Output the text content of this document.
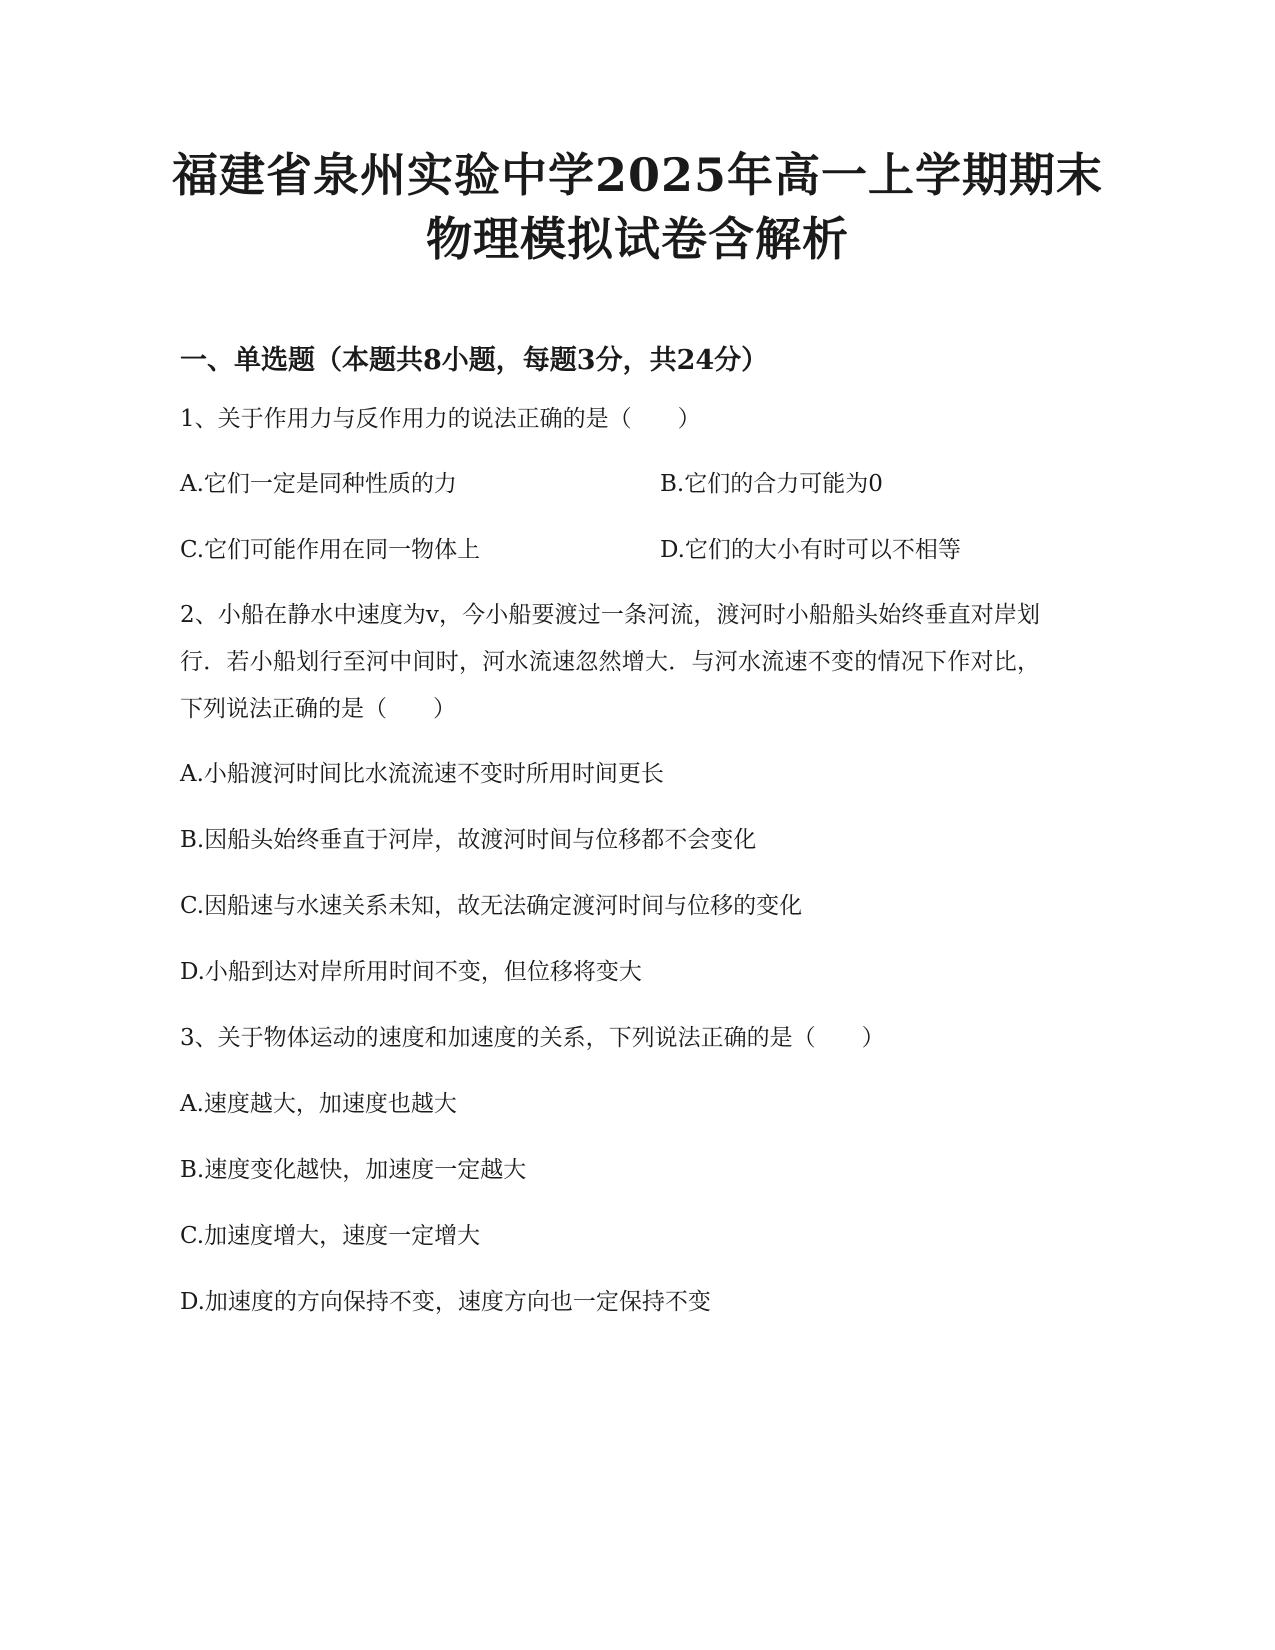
福建省泉州实验中学2025年高一上学期期末
物理模拟试卷含解析
一、单选题（本题共8小题，每题3分，共24分）
1、关于作用力与反作用力的说法正确的是（　　）
A.它们一定是同种性质的力	B.它们的合力可能为0
C.它们可能作用在同一物体上	D.它们的大小有时可以不相等
2、小船在静水中速度为v，今小船要渡过一条河流，渡河时小船船头始终垂直对岸划行．若小船划行至河中间时，河水流速忽然增大．与河水流速不变的情况下作对比，下列说法正确的是（　　）
A.小船渡河时间比水流流速不变时所用时间更长
B.因船头始终垂直于河岸，故渡河时间与位移都不会变化
C.因船速与水速关系未知，故无法确定渡河时间与位移的变化
D.小船到达对岸所用时间不变，但位移将变大
3、关于物体运动的速度和加速度的关系，下列说法正确的是（　　）
A.速度越大，加速度也越大
B.速度变化越快，加速度一定越大
C.加速度增大，速度一定增大
D.加速度的方向保持不变，速度方向也一定保持不变
